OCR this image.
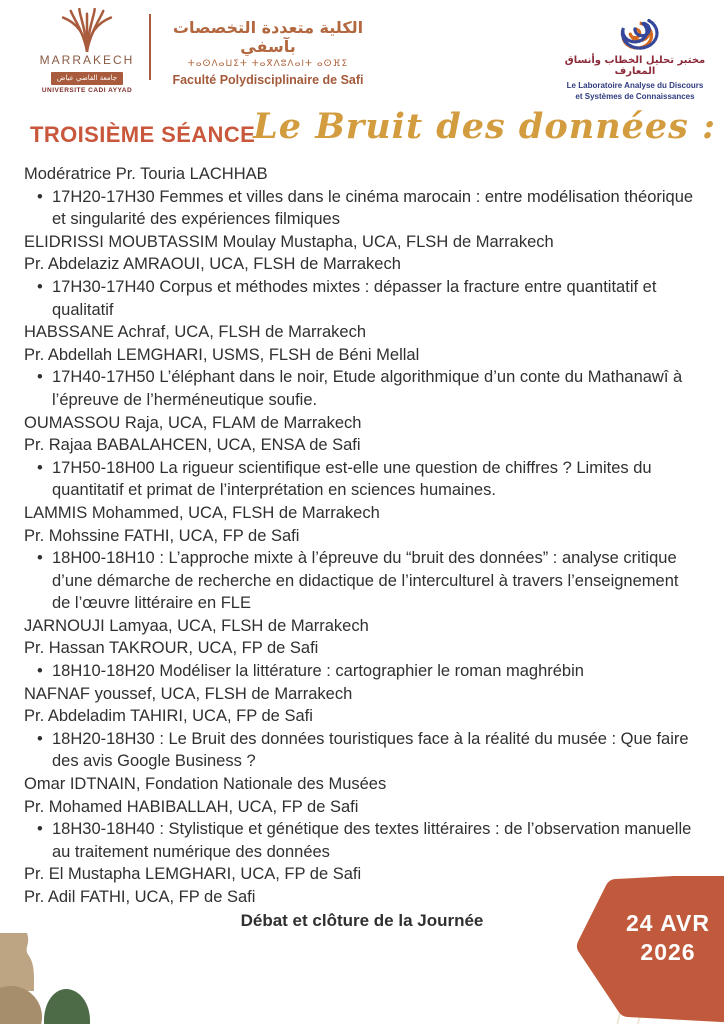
MARRAKECH
جامعة القاضي عياض
UNIVERSITE CADI AYYAD
الكلية متعددة التخصصات بآسفي
ⵜⴰⵙⴷⴰⵡⵉⵜ ⵜⴰⴳⴷⵓⴷⴰⵏⵜ ⴰⵙⴼⵉ
Faculté Polydisciplinaire de Safi
مختبر تحليل الخطاب وأنساق المعارف
Le Laboratoire Analyse du Discours
et Systèmes de Connaissances
TROISIÈME SÉANCE
Le Bruit des données :
Modératrice Pr. Touria LACHHAB
• 17H20-17H30 Femmes et villes dans le cinéma marocain : entre modélisation théorique et singularité des expériences filmiques
ELIDRISSI MOUBTASSIM Moulay Mustapha, UCA, FLSH de Marrakech
Pr. Abdelaziz AMRAOUI, UCA, FLSH de Marrakech
• 17H30-17H40 Corpus et méthodes mixtes : dépasser la fracture entre quantitatif et qualitatif
HABSSANE Achraf, UCA, FLSH de Marrakech
Pr. Abdellah LEMGHARI, USMS, FLSH de Béni Mellal
• 17H40-17H50 L’éléphant dans le noir, Etude algorithmique d’un conte du Mathanawî à l’épreuve de l’herméneutique soufie.
OUMASSOU Raja, UCA, FLAM de Marrakech
Pr. Rajaa BABALAHCEN, UCA, ENSA de Safi
• 17H50-18H00 La rigueur scientifique est-elle une question de chiffres ? Limites du quantitatif et primat de l’interprétation en sciences humaines.
LAMMIS Mohammed, UCA, FLSH de Marrakech
Pr. Mohssine FATHI, UCA, FP de Safi
• 18H00-18H10 : L’approche mixte à l’épreuve du “bruit des données” : analyse critique d’une démarche de recherche en didactique de l’interculturel à travers l’enseignement de l’œuvre littéraire en FLE
JARNOUJI Lamyaa, UCA, FLSH de Marrakech
Pr. Hassan TAKROUR, UCA, FP de Safi
• 18H10-18H20 Modéliser la littérature : cartographier le roman maghrébin
NAFNAF youssef, UCA, FLSH de Marrakech
Pr. Abdeladim TAHIRI, UCA, FP de Safi
• 18H20-18H30 : Le Bruit des données touristiques face à la réalité du musée : Que faire des avis Google Business ?
Omar IDTNAIN, Fondation Nationale des Musées
Pr. Mohamed HABIBALLAH, UCA, FP de Safi
• 18H30-18H40 : Stylistique et génétique des textes littéraires : de l’observation manuelle au traitement numérique des données
Pr. El Mustapha LEMGHARI, UCA, FP de Safi
Pr. Adil FATHI, UCA, FP de Safi
Débat et clôture de la Journée	24 AVR
2026
